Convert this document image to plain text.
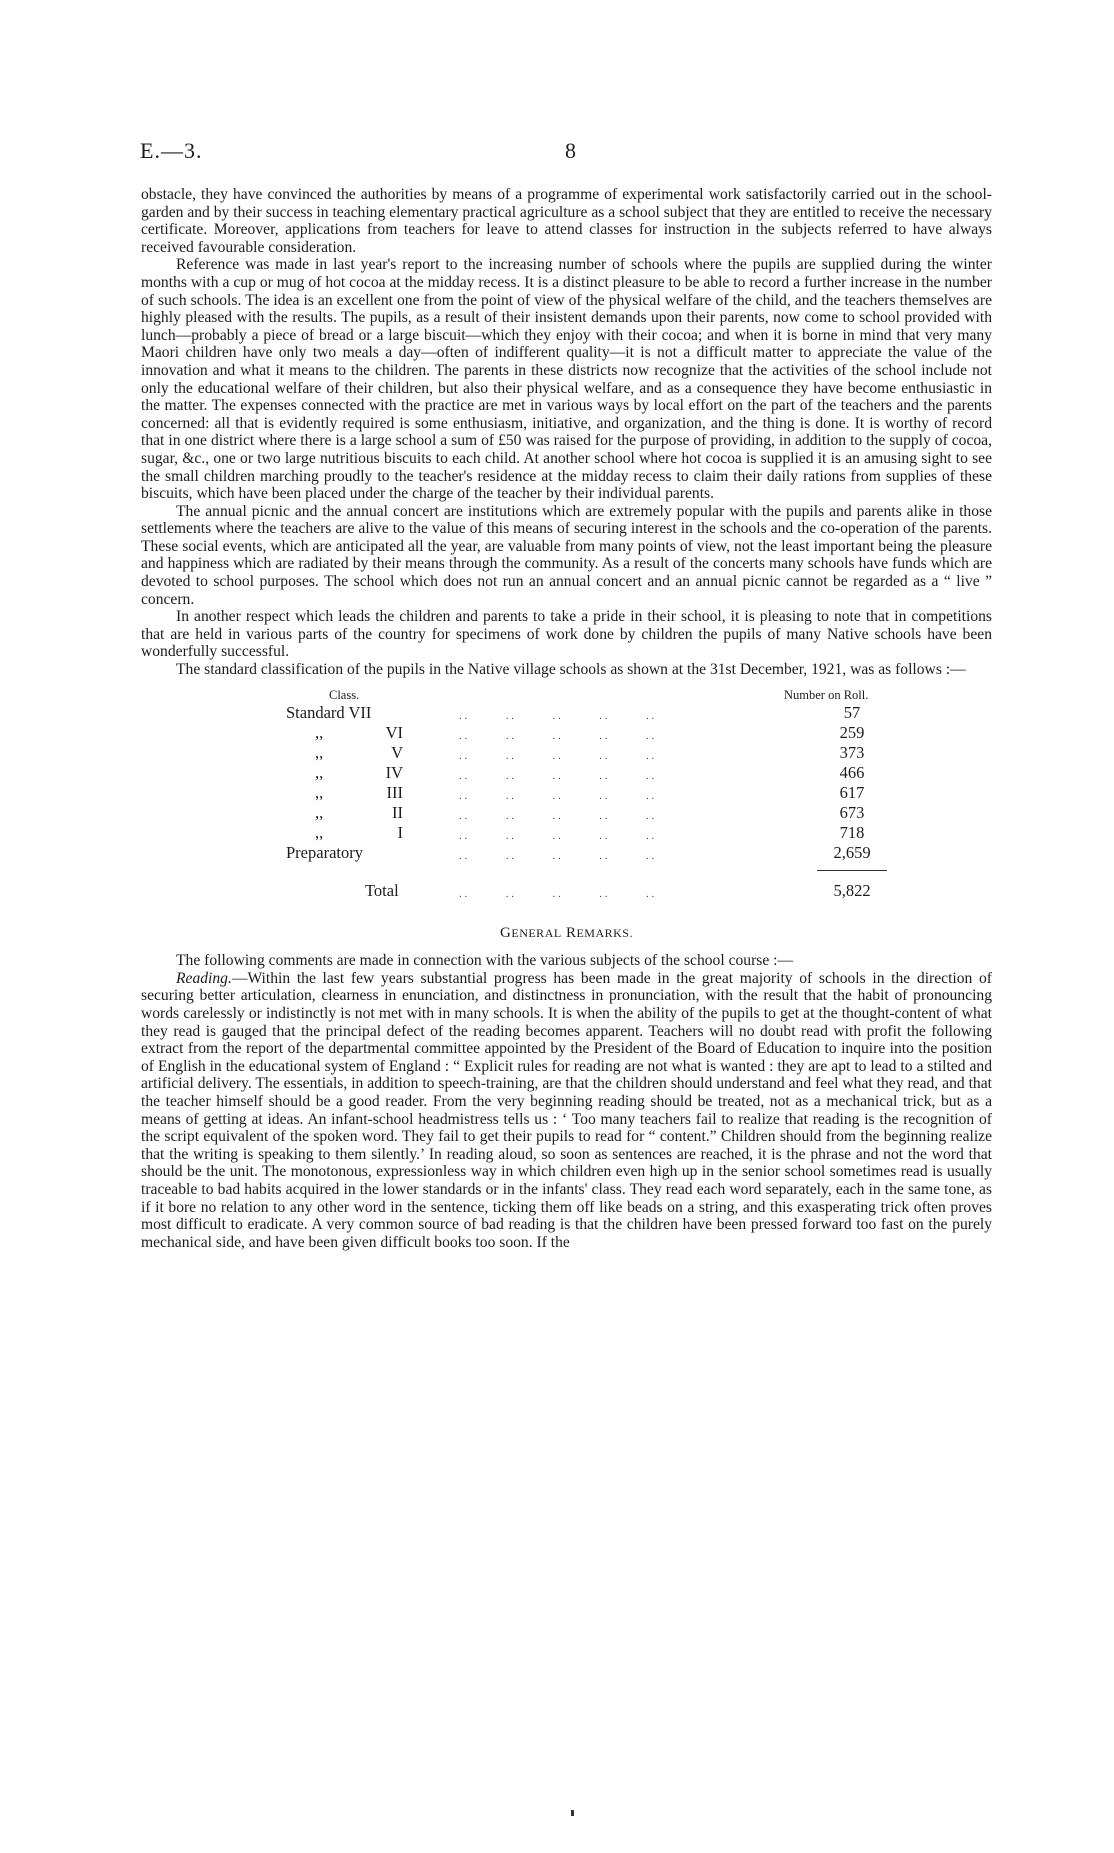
E.—3.	8

obstacle, they have convinced the authorities by means of a programme of experimental work satisfactorily carried out in the school-garden and by their success in teaching elementary practical agriculture as a school subject that they are entitled to receive the necessary certificate. Moreover, applications from teachers for leave to attend classes for instruction in the subjects referred to have always received favourable consideration.

Reference was made in last year's report to the increasing number of schools where the pupils are supplied during the winter months with a cup or mug of hot cocoa at the midday recess. It is a distinct pleasure to be able to record a further increase in the number of such schools. The idea is an excellent one from the point of view of the physical welfare of the child, and the teachers themselves are highly pleased with the results. The pupils, as a result of their insistent demands upon their parents, now come to school provided with lunch—probably a piece of bread or a large biscuit—which they enjoy with their cocoa; and when it is borne in mind that very many Maori children have only two meals a day—often of indifferent quality—it is not a difficult matter to appreciate the value of the innovation and what it means to the children. The parents in these districts now recognize that the activities of the school include not only the educational welfare of their children, but also their physical welfare, and as a consequence they have become enthusiastic in the matter. The expenses connected with the practice are met in various ways by local effort on the part of the teachers and the parents concerned: all that is evidently required is some enthusiasm, initiative, and organization, and the thing is done. It is worthy of record that in one district where there is a large school a sum of £50 was raised for the purpose of providing, in addition to the supply of cocoa, sugar, &c., one or two large nutritious biscuits to each child. At another school where hot cocoa is supplied it is an amusing sight to see the small children marching proudly to the teacher's residence at the midday recess to claim their daily rations from supplies of these biscuits, which have been placed under the charge of the teacher by their individual parents.

The annual picnic and the annual concert are institutions which are extremely popular with the pupils and parents alike in those settlements where the teachers are alive to the value of this means of securing interest in the schools and the co-operation of the parents. These social events, which are anticipated all the year, are valuable from many points of view, not the least important being the pleasure and happiness which are radiated by their means through the community. As a result of the concerts many schools have funds which are devoted to school purposes. The school which does not run an annual concert and an annual picnic cannot be regarded as a “ live ” concern.

In another respect which leads the children and parents to take a pride in their school, it is pleasing to note that in competitions that are held in various parts of the country for specimens of work done by children the pupils of many Native schools have been wonderfully successful.

The standard classification of the pupils in the Native village schools as shown at the 31st December, 1921, was as follows :—

Class.	Number on Roll.
Standard VII	. .              . .              . .              . .              . .	57
,,	VI	. .              . .              . .              . .              . .	259
,,	V	. .              . .              . .              . .              . .	373
,,	IV	. .              . .              . .              . .              . .	466
,,	III	. .              . .              . .              . .              . .	617
,,	II	. .              . .              . .              . .              . .	673
,,	I	. .              . .              . .              . .              . .	718
Preparatory	. .              . .              . .              . .              . .	2,659
Total	. .              . .              . .              . .              . .	5,822
GENERAL REMARKS.

The following comments are made in connection with the various subjects of the school course :—

Reading.—Within the last few years substantial progress has been made in the great majority of schools in the direction of securing better articulation, clearness in enunciation, and distinctness in pronunciation, with the result that the habit of pronouncing words carelessly or indistinctly is not met with in many schools. It is when the ability of the pupils to get at the thought-content of what they read is gauged that the principal defect of the reading becomes apparent. Teachers will no doubt read with profit the following extract from the report of the departmental committee appointed by the President of the Board of Education to inquire into the position of English in the educational system of England : “ Explicit rules for reading are not what is wanted : they are apt to lead to a stilted and artificial delivery. The essentials, in addition to speech-training, are that the children should understand and feel what they read, and that the teacher himself should be a good reader. From the very beginning reading should be treated, not as a mechanical trick, but as a means of getting at ideas. An infant-school headmistress tells us : ‘ Too many teachers fail to realize that reading is the recognition of the script equivalent of the spoken word. They fail to get their pupils to read for “ content.” Children should from the beginning realize that the writing is speaking to them silently.’ In reading aloud, so soon as sentences are reached, it is the phrase and not the word that should be the unit. The monotonous, expressionless way in which children even high up in the senior school sometimes read is usually traceable to bad habits acquired in the lower standards or in the infants' class. They read each word separately, each in the same tone, as if it bore no relation to any other word in the sentence, ticking them off like beads on a string, and this exasperating trick often proves most difficult to eradicate. A very common source of bad reading is that the children have been pressed forward too fast on the purely mechanical side, and have been given difficult books too soon. If the
